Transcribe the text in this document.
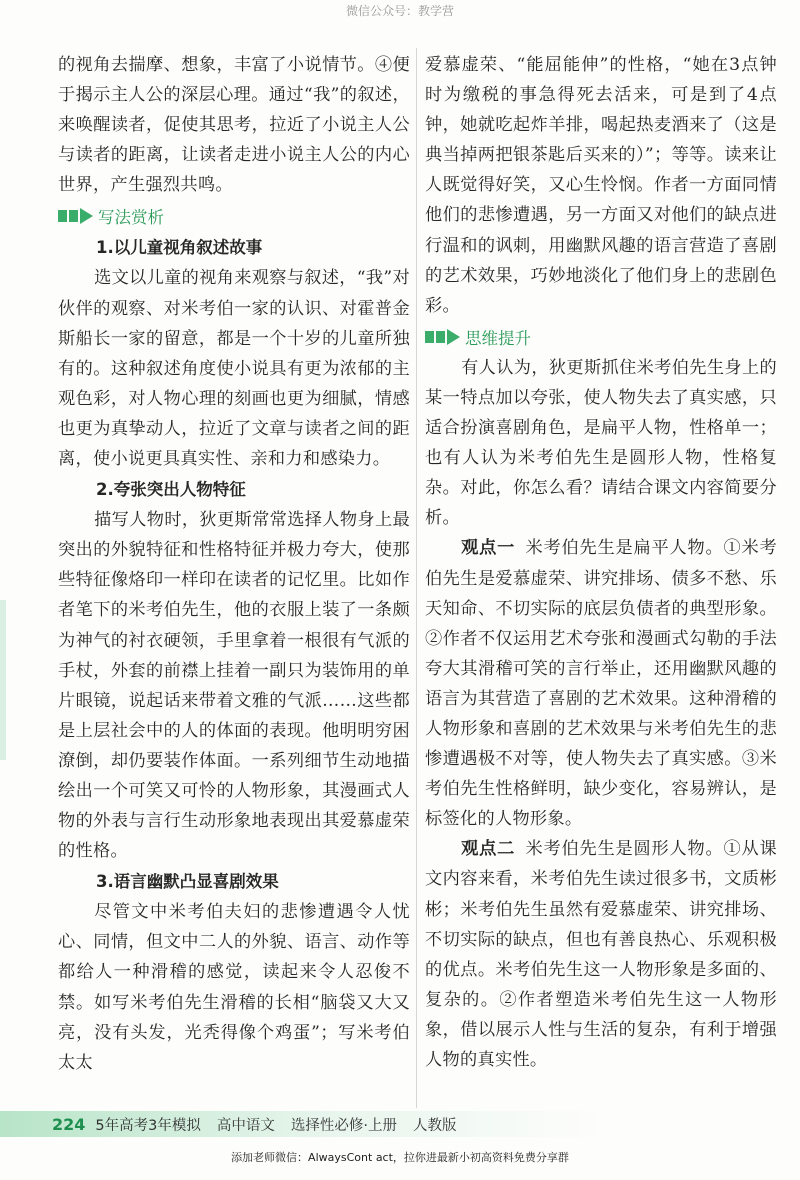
微信公众号：教学营

的视角去揣摩、想象，丰富了小说情节。④便于揭示主人公的深层心理。通过“我”的叙述，来唤醒读者，促使其思考，拉近了小说主人公与读者的距离，让读者走进小说主人公的内心世界，产生强烈共鸣。

写法赏析
1.以儿童视角叙述故事

选文以儿童的视角来观察与叙述，“我”对伙伴的观察、对米考伯一家的认识、对霍普金斯船长一家的留意，都是一个十岁的儿童所独有的。这种叙述角度使小说具有更为浓郁的主观色彩，对人物心理的刻画也更为细腻，情感也更为真挚动人，拉近了文章与读者之间的距离，使小说更具真实性、亲和力和感染力。

2.夸张突出人物特征

描写人物时，狄更斯常常选择人物身上最突出的外貌特征和性格特征并极力夸大，使那些特征像烙印一样印在读者的记忆里。比如作者笔下的米考伯先生，他的衣服上装了一条颇为神气的衬衣硬领，手里拿着一根很有气派的手杖，外套的前襟上挂着一副只为装饰用的单片眼镜，说起话来带着文雅的气派……这些都是上层社会中的人的体面的表现。他明明穷困潦倒，却仍要装作体面。一系列细节生动地描绘出一个可笑又可怜的人物形象，其漫画式人物的外表与言行生动形象地表现出其爱慕虚荣的性格。

3.语言幽默凸显喜剧效果

尽管文中米考伯夫妇的悲惨遭遇令人忧心、同情，但文中二人的外貌、语言、动作等都给人一种滑稽的感觉，读起来令人忍俊不禁。如写米考伯先生滑稽的长相“脑袋又大又亮，没有头发，光秃得像个鸡蛋”；写米考伯太太

爱慕虚荣、“能屈能伸”的性格，“她在3点钟时为缴税的事急得死去活来，可是到了4点钟，她就吃起炸羊排，喝起热麦酒来了（这是典当掉两把银茶匙后买来的）”；等等。读来让人既觉得好笑，又心生怜悯。作者一方面同情他们的悲惨遭遇，另一方面又对他们的缺点进行温和的讽刺，用幽默风趣的语言营造了喜剧的艺术效果，巧妙地淡化了他们身上的悲剧色彩。

思维提升

有人认为，狄更斯抓住米考伯先生身上的某一特点加以夸张，使人物失去了真实感，只适合扮演喜剧角色，是扁平人物，性格单一；也有人认为米考伯先生是圆形人物，性格复杂。对此，你怎么看？请结合课文内容简要分析。

观点一 米考伯先生是扁平人物。①米考伯先生是爱慕虚荣、讲究排场、债多不愁、乐天知命、不切实际的底层负债者的典型形象。②作者不仅运用艺术夸张和漫画式勾勒的手法夸大其滑稽可笑的言行举止，还用幽默风趣的语言为其营造了喜剧的艺术效果。这种滑稽的人物形象和喜剧的艺术效果与米考伯先生的悲惨遭遇极不对等，使人物失去了真实感。③米考伯先生性格鲜明，缺少变化，容易辨认，是标签化的人物形象。

观点二 米考伯先生是圆形人物。①从课文内容来看，米考伯先生读过很多书，文质彬彬；米考伯先生虽然有爱慕虚荣、讲究排场、不切实际的缺点，但也有善良热心、乐观积极的优点。米考伯先生这一人物形象是多面的、复杂的。②作者塑造米考伯先生这一人物形象，借以展示人性与生活的复杂，有利于增强人物的真实性。

224 5年高考3年模拟 高中语文 选择性必修·上册 人教版
添加老师微信：AlwaysCont act，拉你进最新小初高资料免费分享群
